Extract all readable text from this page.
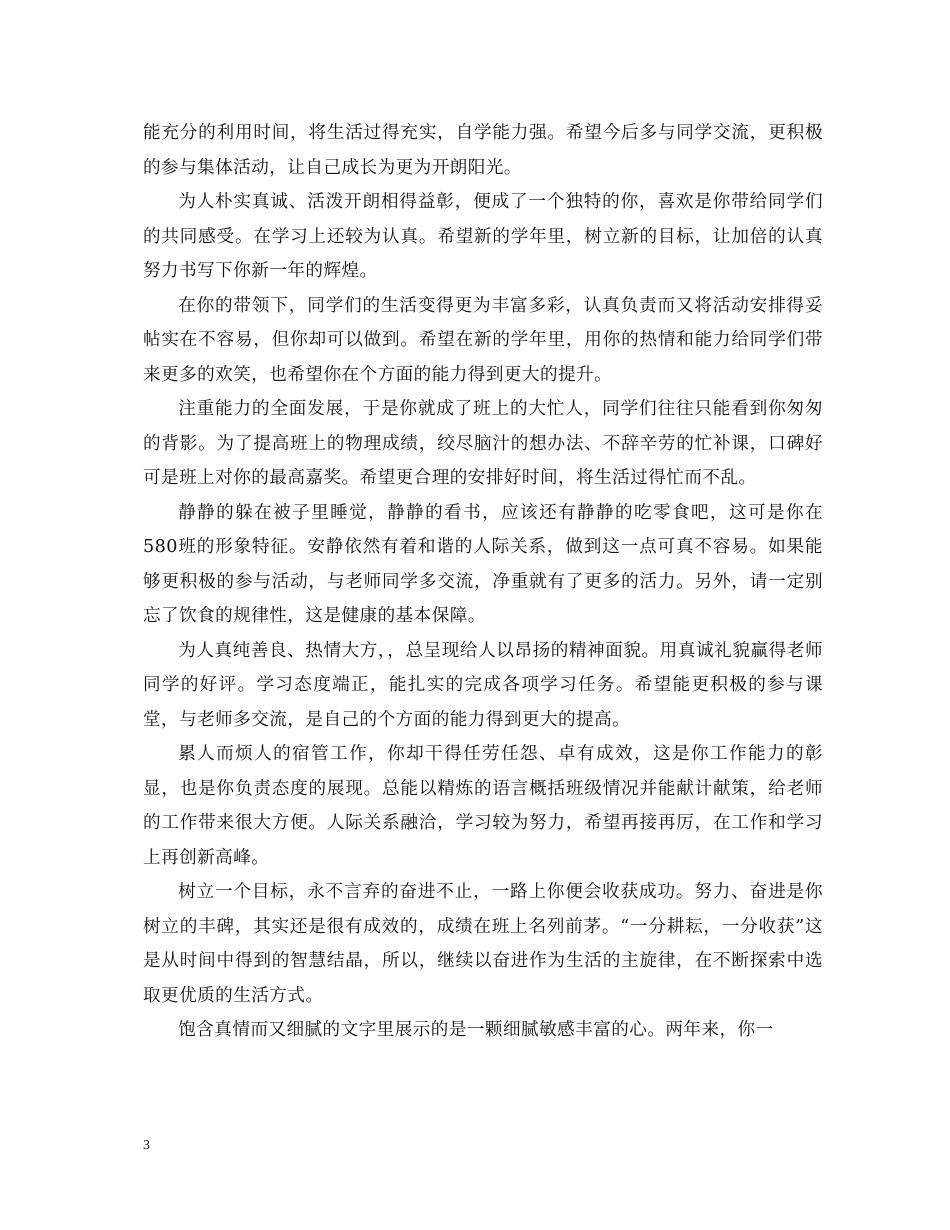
能充分的利用时间，将生活过得充实，自学能力强。希望今后多与同学交流，更积极的参与集体活动，让自己成长为更为开朗阳光。

为人朴实真诚、活泼开朗相得益彰，便成了一个独特的你，喜欢是你带给同学们的共同感受。在学习上还较为认真。希望新的学年里，树立新的目标，让加倍的认真努力书写下你新一年的辉煌。

在你的带领下，同学们的生活变得更为丰富多彩，认真负责而又将活动安排得妥帖实在不容易，但你却可以做到。希望在新的学年里，用你的热情和能力给同学们带来更多的欢笑，也希望你在个方面的能力得到更大的提升。

注重能力的全面发展，于是你就成了班上的大忙人，同学们往往只能看到你匆匆的背影。为了提高班上的物理成绩，绞尽脑汁的想办法、不辞辛劳的忙补课，口碑好可是班上对你的最高嘉奖。希望更合理的安排好时间，将生活过得忙而不乱。

静静的躲在被子里睡觉，静静的看书，应该还有静静的吃零食吧，这可是你在580班的形象特征。安静依然有着和谐的人际关系，做到这一点可真不容易。如果能够更积极的参与活动，与老师同学多交流，净重就有了更多的活力。另外，请一定别忘了饮食的规律性，这是健康的基本保障。

为人真纯善良、热情大方，，总呈现给人以昂扬的精神面貌。用真诚礼貌赢得老师同学的好评。学习态度端正，能扎实的完成各项学习任务。希望能更积极的参与课堂，与老师多交流，是自己的个方面的能力得到更大的提高。

累人而烦人的宿管工作，你却干得任劳任怨、卓有成效，这是你工作能力的彰显，也是你负责态度的展现。总能以精炼的语言概括班级情况并能献计献策，给老师的工作带来很大方便。人际关系融洽，学习较为努力，希望再接再厉，在工作和学习上再创新高峰。

树立一个目标，永不言弃的奋进不止，一路上你便会收获成功。努力、奋进是你树立的丰碑，其实还是很有成效的，成绩在班上名列前茅。“一分耕耘，一分收获”这是从时间中得到的智慧结晶，所以，继续以奋进作为生活的主旋律，在不断探索中选取更优质的生活方式。

饱含真情而又细腻的文字里展示的是一颗细腻敏感丰富的心。两年来，你一

3
